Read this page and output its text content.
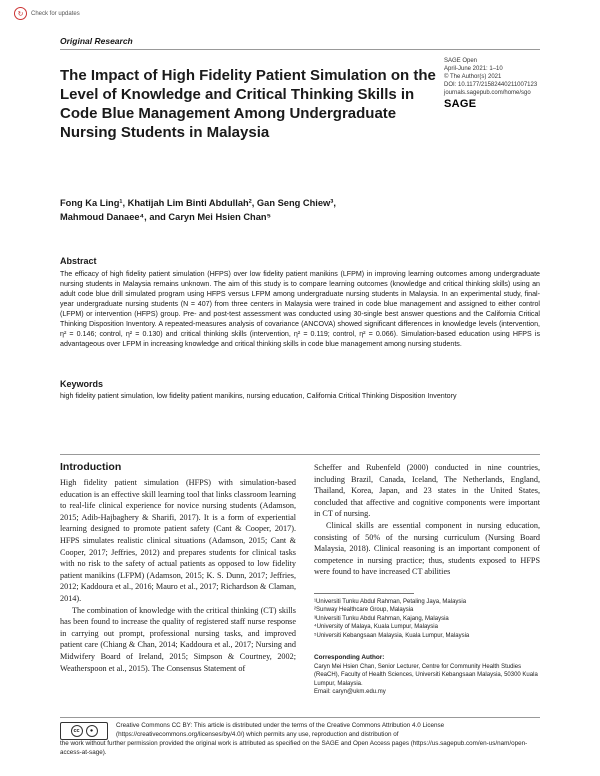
↻	Check for updates
Original Research
The Impact of High Fidelity Patient Simulation on the Level of Knowledge and Critical Thinking Skills in Code Blue Management Among Undergraduate Nursing Students in Malaysia
SAGE Open
April-June 2021: 1–10
© The Author(s) 2021
DOI: 10.1177/21582440211007123
journals.sagepub.com/home/sgo
SAGE
Fong Ka Ling¹, Khatijah Lim Binti Abdullah², Gan Seng Chiew³,
Mahmoud Danaee⁴, and Caryn Mei Hsien Chan⁵
Abstract
The efficacy of high fidelity patient simulation (HFPS) over low fidelity patient manikins (LFPM) in improving learning outcomes among undergraduate nursing students in Malaysia remains unknown. The aim of this study is to compare learning outcomes (knowledge and critical thinking skills) using an adult code blue drill simulated program using HFPS versus LFPM among undergraduate nursing students in Malaysia. In an experimental study, final-year undergraduate nursing students (N = 407) from three centers in Malaysia were trained in code blue management and assigned to either control (LFPM) or intervention (HFPS) group. Pre- and post-test assessment was conducted using 30-single best answer questions and the California Critical Thinking Disposition Inventory. A repeated-measures analysis of covariance (ANCOVA) showed significant differences in knowledge levels (intervention, η² = 0.146; control, η² = 0.130) and critical thinking skills (intervention, η² = 0.119; control, η² = 0.066). Simulation-based education using HFPS is advantageous over LFPM in increasing knowledge and critical thinking skills in code blue management among nursing students.
Keywords
high fidelity patient simulation, low fidelity patient manikins, nursing education, California Critical Thinking Disposition Inventory
Introduction

High fidelity patient simulation (HFPS) with simulation-based education is an effective skill learning tool that links classroom learning to real-life clinical experience for novice nursing students (Adamson, 2015; Adib-Hajbaghery & Sharifi, 2017). It is a form of experiential learning designed to promote patient safety (Cant & Cooper, 2017). HFPS simulates realistic clinical situations (Adamson, 2015; Cant & Cooper, 2017; Jeffries, 2012) and prepares students for clinical tasks with no risk to the safety of actual patients as opposed to low fidelity patient manikins (LFPM) (Adamson, 2015; K. S. Dunn, 2017; Jeffries, 2012; Kaddoura et al., 2016; Mauro et al., 2017; Richardson & Claman, 2014).

The combination of knowledge with the critical thinking (CT) skills has been found to increase the quality of registered staff nurse response in carrying out prompt, professional nursing tasks, and improved patient care (Chiang & Chan, 2014; Kaddoura et al., 2017; Nursing and Midwifery Board of Ireland, 2015; Simpson & Courtney, 2002; Weatherspoon et al., 2015). The Consensus Statement of

Scheffer and Rubenfeld (2000) conducted in nine countries, including Brazil, Canada, Iceland, The Netherlands, England, Thailand, Korea, Japan, and 23 states in the United States, concluded that affective and cognitive components were important in CT of nursing.

Clinical skills are essential component in nursing education, consisting of 50% of the nursing curriculum (Nursing Board Malaysia, 2018). Clinical reasoning is an important component of competence in nursing practice; thus, students exposed to HFPS were found to have increased CT abilities

¹Universiti Tunku Abdul Rahman, Petaling Jaya, Malaysia
²Sunway Healthcare Group, Malaysia
³Universiti Tunku Abdul Rahman, Kajang, Malaysia
⁴University of Malaya, Kuala Lumpur, Malaysia
⁵Universiti Kebangsaan Malaysia, Kuala Lumpur, Malaysia
Corresponding Author:
Caryn Mei Hsien Chan, Senior Lecturer, Centre for Community Health Studies (ReaCH), Faculty of Health Sciences, Universiti Kebangsaan Malaysia, 50300 Kuala Lumpur, Malaysia.
Email: caryn@ukm.edu.my
cc	●
Creative Commons CC BY: This article is distributed under the terms of the Creative Commons Attribution 4.0 License (https://creativecommons.org/licenses/by/4.0/) which permits any use, reproduction and distribution of
the work without further permission provided the original work is attributed as specified on the SAGE and Open Access pages (https://us.sagepub.com/en-us/nam/open-access-at-sage).
